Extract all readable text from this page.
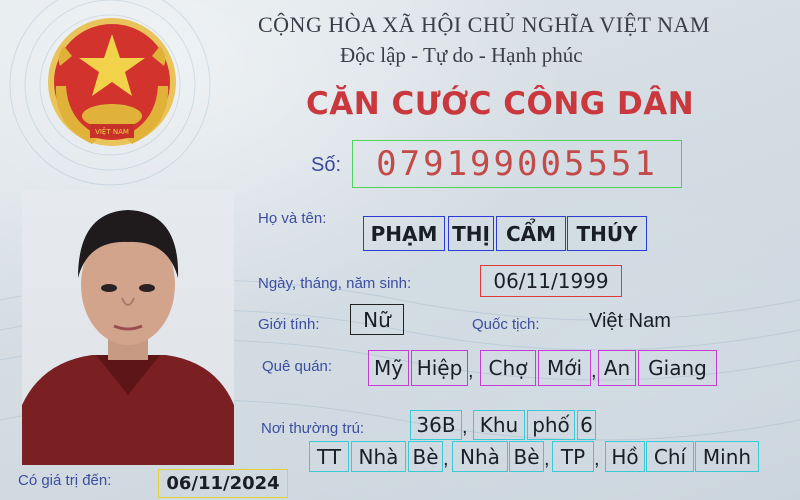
VIỆT NAM
CỘNG HÒA XÃ HỘI CHỦ NGHĨA VIỆT NAM
Độc lập - Tự do - Hạnh phúc
CĂN CƯỚC CÔNG DÂN
Số:	079199005551
Họ và tên:
PHẠM THỊ CẨM	THÚY
Ngày, tháng, năm sinh:	06/11/1999
Giới tính:	Nữ	Quốc tịch: Việt Nam
Quê quán: Mỹ Hiệp , Chợ Mới , An Giang
Nơi thường trú:	36B , Khu phố 6
TT Nhà Bè , Nhà Bè , TP , Hồ Chí Minh
Có giá trị đến:	06/11/2024
